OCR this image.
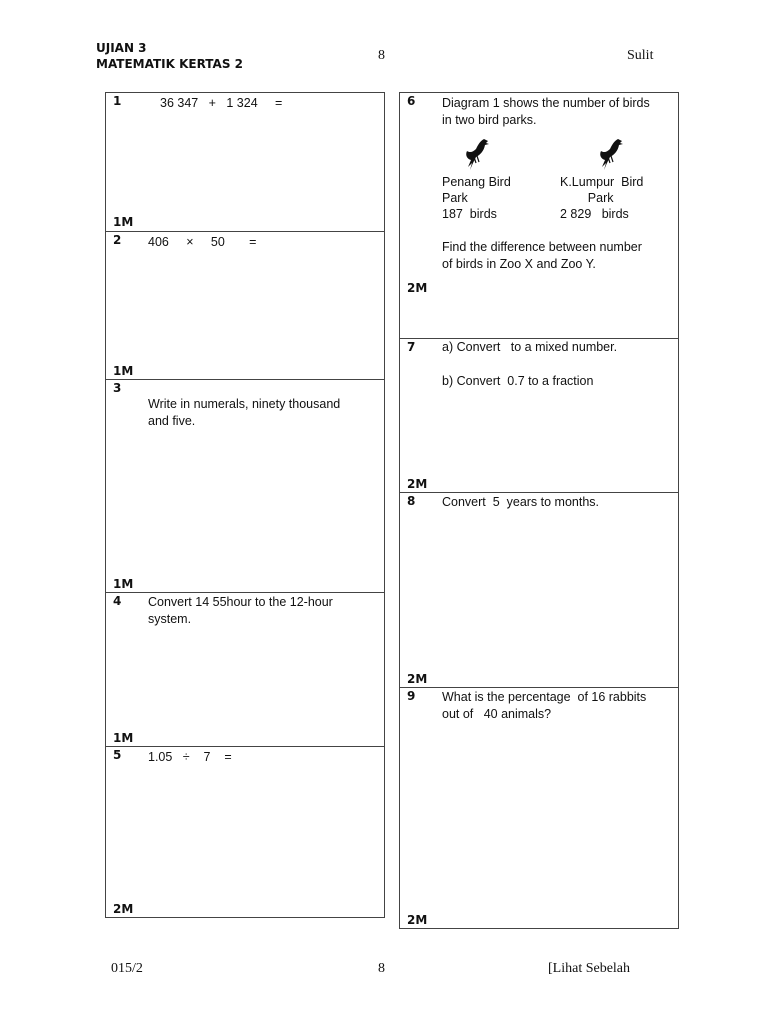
UJIAN 3
MATEMATIK KERTAS 2
8	Sulit
1	36 347   +   1 324     =
1M
2 406     ×     50       =
1M
3
Write in numerals, ninety thousand
and five.
1M
4 Convert 14 55hour to the 12-hour
system.
1M
5 1.05   ÷    7    =
2M
6 Diagram 1 shows the number of birds
in two bird parks.
Penang Bird
Park
187  birds
K.Lumpur  Bird
Park
2 829   birds
Find the difference between number
of birds in Zoo X and Zoo Y.
2M
7 a) Convert   to a mixed number.
b) Convert  0.7 to a fraction
2M
8 Convert  5  years to months.
2M
9 What is the percentage  of 16 rabbits
out of   40 animals?
2M
015/2	8	[Lihat Sebelah
